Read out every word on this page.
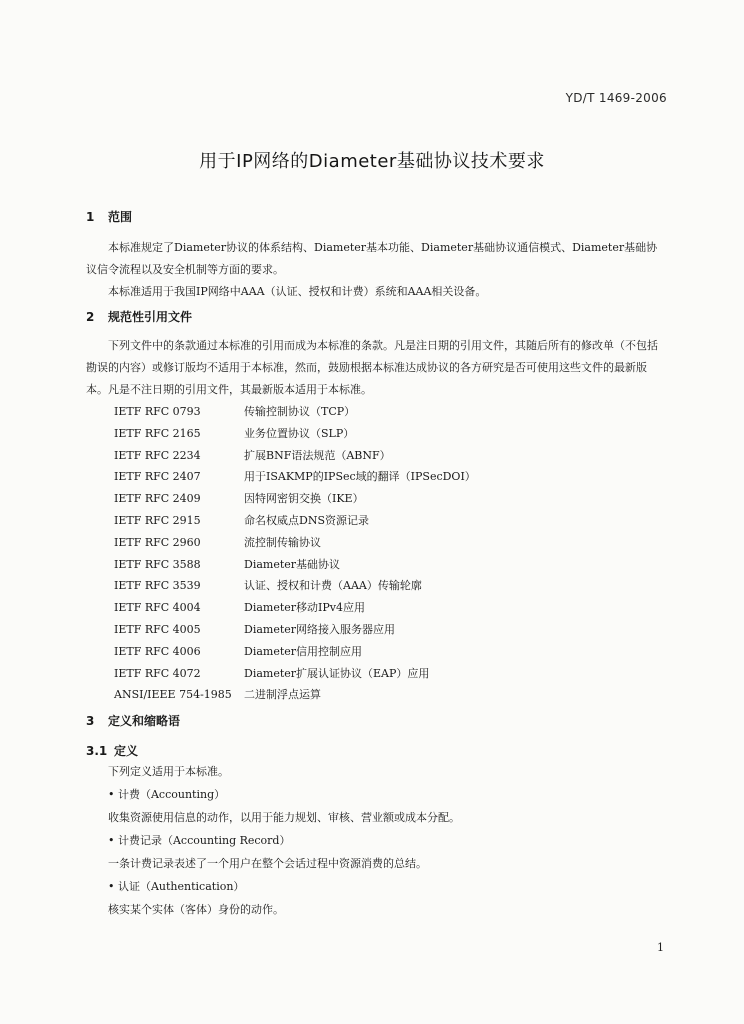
YD/T 1469-2006
用于IP网络的Diameter基础协议技术要求
1 范围

本标准规定了Diameter协议的体系结构、Diameter基本功能、Diameter基础协议通信模式、Diameter基础协议信令流程以及安全机制等方面的要求。

本标准适用于我国IP网络中AAA（认证、授权和计费）系统和AAA相关设备。

2 规范性引用文件

下列文件中的条款通过本标准的引用而成为本标准的条款。凡是注日期的引用文件，其随后所有的修改单（不包括勘误的内容）或修订版均不适用于本标准，然而，鼓励根据本标准达成协议的各方研究是否可使用这些文件的最新版本。凡是不注日期的引用文件，其最新版本适用于本标准。

IETF RFC 0793	传输控制协议（TCP）
IETF RFC 2165	业务位置协议（SLP）
IETF RFC 2234	扩展BNF语法规范（ABNF）
IETF RFC 2407	用于ISAKMP的IPSec域的翻译（IPSecDOI）
IETF RFC 2409	因特网密钥交换（IKE）
IETF RFC 2915	命名权威点DNS资源记录
IETF RFC 2960	流控制传输协议
IETF RFC 3588	Diameter基础协议
IETF RFC 3539	认证、授权和计费（AAA）传输轮廓
IETF RFC 4004	Diameter移动IPv4应用
IETF RFC 4005	Diameter网络接入服务器应用
IETF RFC 4006	Diameter信用控制应用
IETF RFC 4072	Diameter扩展认证协议（EAP）应用
ANSI/IEEE 754-1985 二进制浮点运算
3 定义和缩略语
3.1 定义
下列定义适用于本标准。
• 计费（Accounting）
收集资源使用信息的动作，以用于能力规划、审核、营业额或成本分配。
• 计费记录（Accounting Record）
一条计费记录表述了一个用户在整个会话过程中资源消费的总结。
• 认证（Authentication）
核实某个实体（客体）身份的动作。
1
